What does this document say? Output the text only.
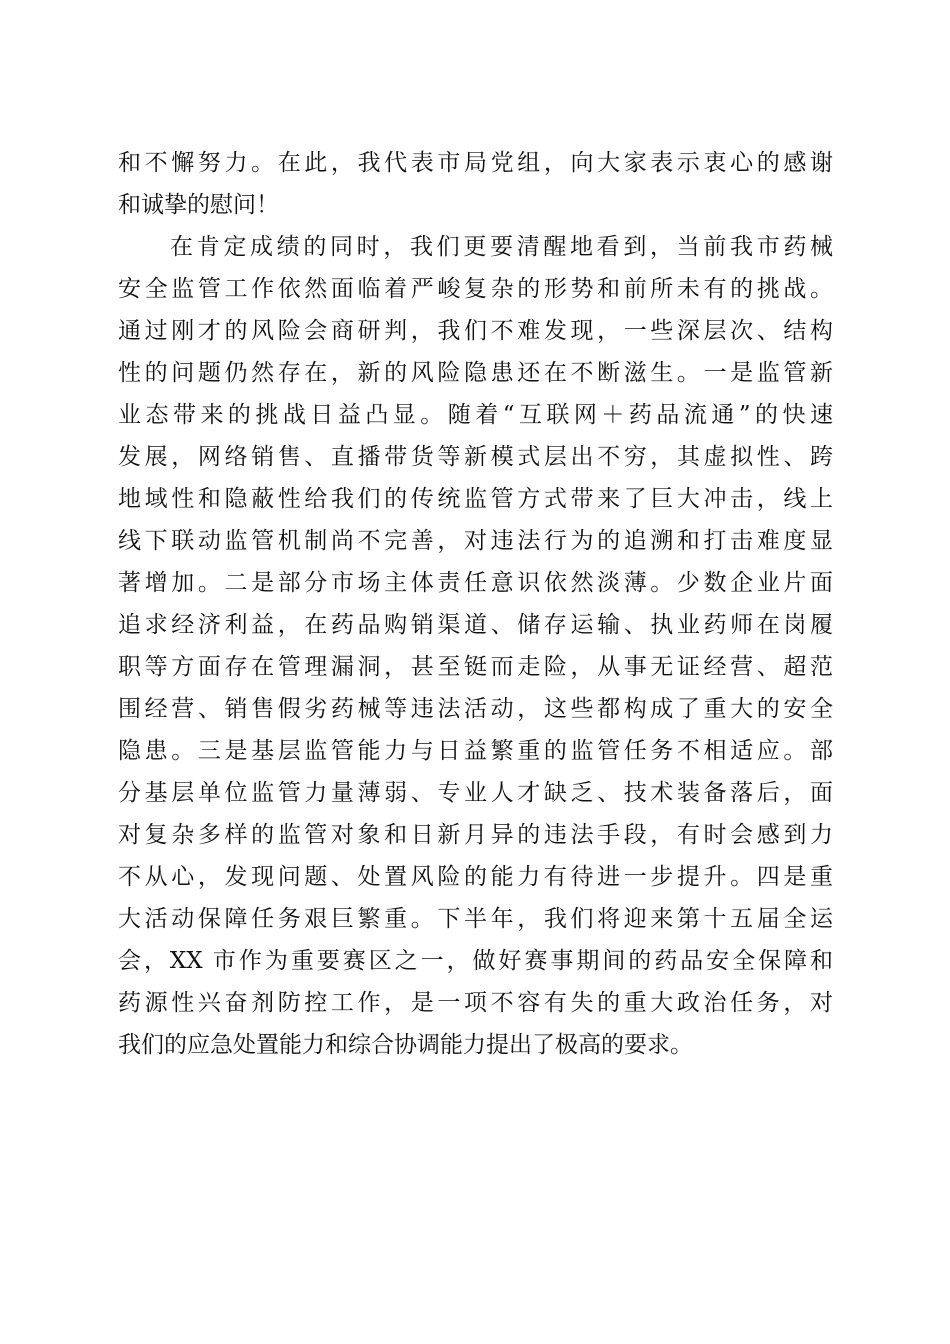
和不懈努力。在此，我代表市局党组，向大家表示衷心的感谢
和诚挚的慰问！
在肯定成绩的同时，我们更要清醒地看到，当前我市药械
安全监管工作依然面临着严峻复杂的形势和前所未有的挑战。
通过刚才的风险会商研判，我们不难发现，一些深层次、结构
性的问题仍然存在，新的风险隐患还在不断滋生。一是监管新
业态带来的挑战日益凸显。随着“互联网＋药品流通”的快速
发展，网络销售、直播带货等新模式层出不穷，其虚拟性、跨
地域性和隐蔽性给我们的传统监管方式带来了巨大冲击，线上
线下联动监管机制尚不完善，对违法行为的追溯和打击难度显
著增加。二是部分市场主体责任意识依然淡薄。少数企业片面
追求经济利益，在药品购销渠道、储存运输、执业药师在岗履
职等方面存在管理漏洞，甚至铤而走险，从事无证经营、超范
围经营、销售假劣药械等违法活动，这些都构成了重大的安全
隐患。三是基层监管能力与日益繁重的监管任务不相适应。部
分基层单位监管力量薄弱、专业人才缺乏、技术装备落后，面
对复杂多样的监管对象和日新月异的违法手段，有时会感到力
不从心，发现问题、处置风险的能力有待进一步提升。四是重
大活动保障任务艰巨繁重。下半年，我们将迎来第十五届全运
会，XX 市作为重要赛区之一，做好赛事期间的药品安全保障和
药源性兴奋剂防控工作，是一项不容有失的重大政治任务，对
我们的应急处置能力和综合协调能力提出了极高的要求。
